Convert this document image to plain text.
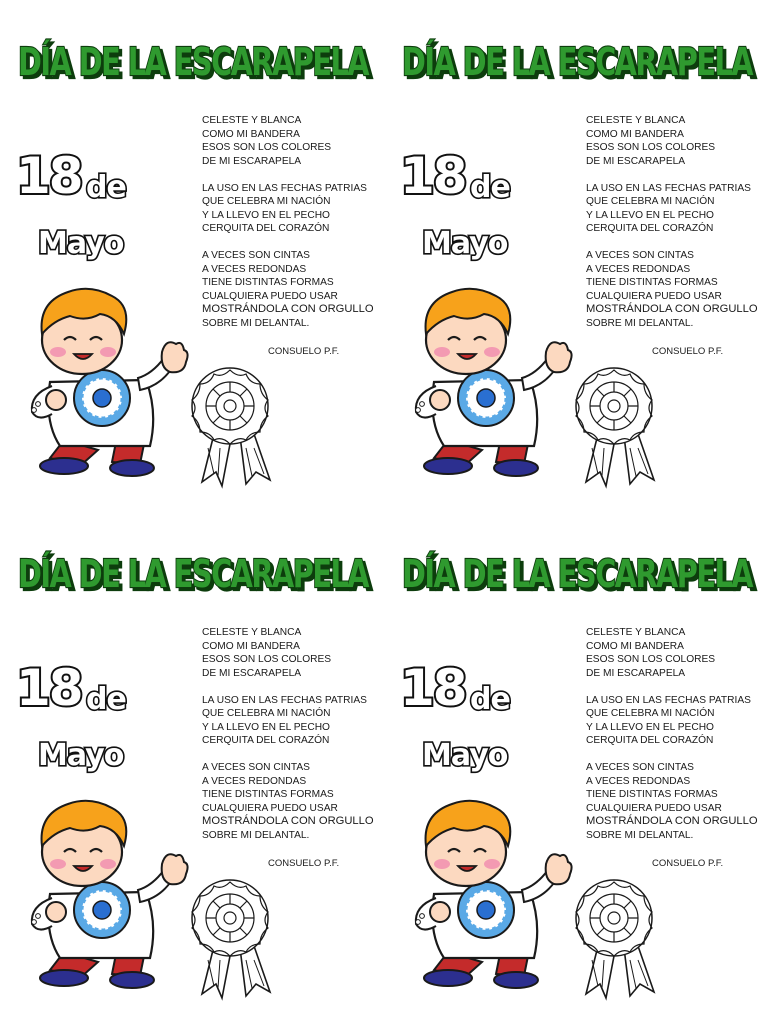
DÍA DE LA ESCARAPELA
DÍA DE LA ESCARAPELA
18 de
Mayo

CELESTE Y BLANCA
COMO MI BANDERA
ESOS SON LOS COLORES
DE MI ESCARAPELA

LA USO EN LAS FECHAS PATRIAS
QUE CELEBRA MI NACIÓN
Y LA LLEVO EN EL PECHO
CERQUITA DEL CORAZÓN

A VECES SON CINTAS
A VECES REDONDAS
TIENE DISTINTAS FORMAS
CUALQUIERA PUEDO USAR
MOSTRÁNDOLA CON ORGULLO
SOBRE MI DELANTAL.

CONSUELO P.F.
DÍA DE LA ESCARAPELA
DÍA DE LA ESCARAPELA
18 de
Mayo

CELESTE Y BLANCA
COMO MI BANDERA
ESOS SON LOS COLORES
DE MI ESCARAPELA

LA USO EN LAS FECHAS PATRIAS
QUE CELEBRA MI NACIÓN
Y LA LLEVO EN EL PECHO
CERQUITA DEL CORAZÓN

A VECES SON CINTAS
A VECES REDONDAS
TIENE DISTINTAS FORMAS
CUALQUIERA PUEDO USAR
MOSTRÁNDOLA CON ORGULLO
SOBRE MI DELANTAL.

CONSUELO P.F.
DÍA DE LA ESCARAPELA
DÍA DE LA ESCARAPELA
18 de
Mayo

CELESTE Y BLANCA
COMO MI BANDERA
ESOS SON LOS COLORES
DE MI ESCARAPELA

LA USO EN LAS FECHAS PATRIAS
QUE CELEBRA MI NACIÓN
Y LA LLEVO EN EL PECHO
CERQUITA DEL CORAZÓN

A VECES SON CINTAS
A VECES REDONDAS
TIENE DISTINTAS FORMAS
CUALQUIERA PUEDO USAR
MOSTRÁNDOLA CON ORGULLO
SOBRE MI DELANTAL.

CONSUELO P.F.
DÍA DE LA ESCARAPELA
DÍA DE LA ESCARAPELA
18 de
Mayo

CELESTE Y BLANCA
COMO MI BANDERA
ESOS SON LOS COLORES
DE MI ESCARAPELA

LA USO EN LAS FECHAS PATRIAS
QUE CELEBRA MI NACIÓN
Y LA LLEVO EN EL PECHO
CERQUITA DEL CORAZÓN

A VECES SON CINTAS
A VECES REDONDAS
TIENE DISTINTAS FORMAS
CUALQUIERA PUEDO USAR
MOSTRÁNDOLA CON ORGULLO
SOBRE MI DELANTAL.

CONSUELO P.F.
